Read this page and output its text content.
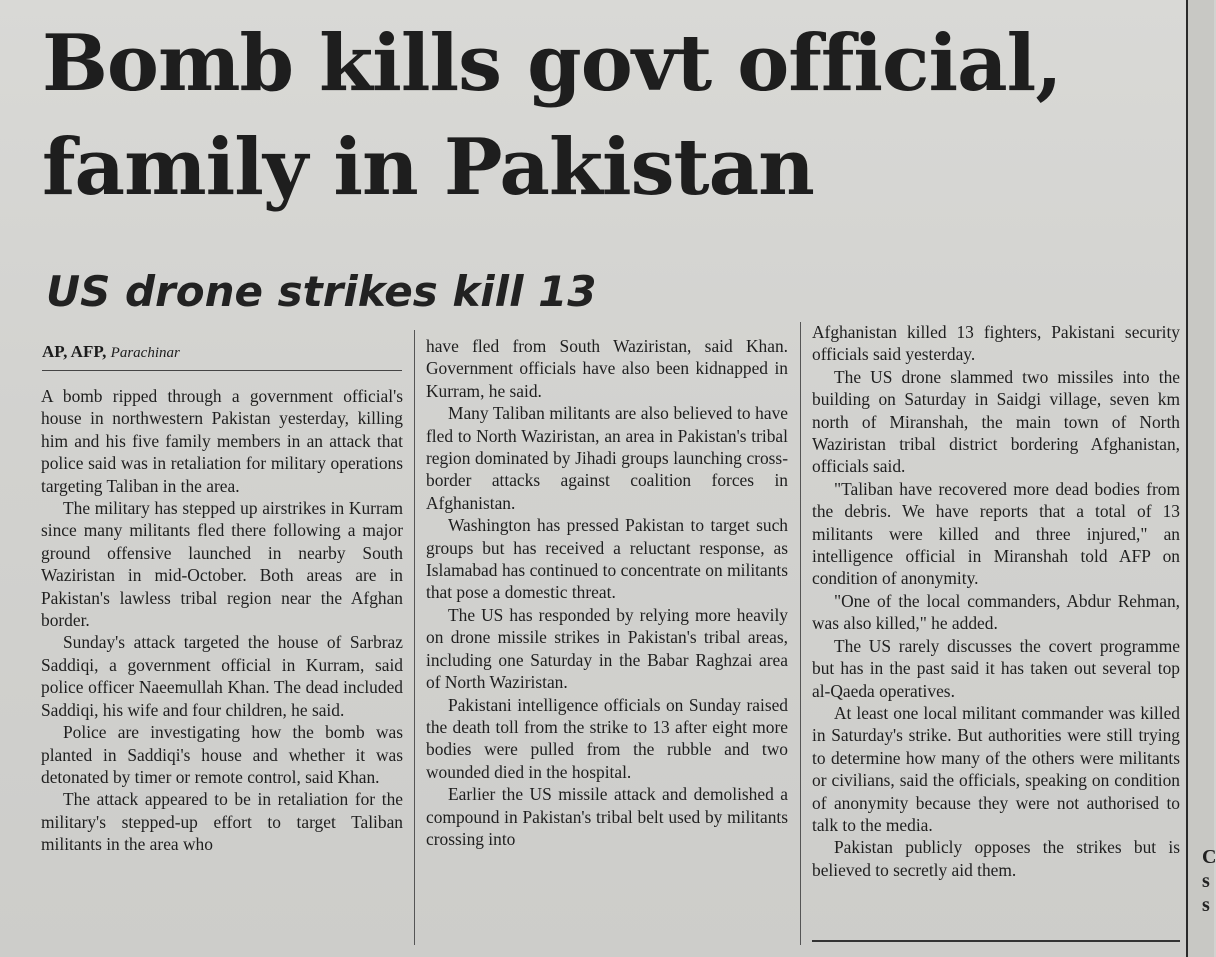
Bomb kills govt official,
family in Pakistan
US drone strikes kill 13
AP, AFP, Parachinar

A bomb ripped through a government official's house in northwestern Pakistan yesterday, killing him and his five family members in an attack that police said was in retaliation for military operations targeting Taliban in the area.

The military has stepped up airstrikes in Kurram since many militants fled there following a major ground offensive launched in nearby South Waziristan in mid-October. Both areas are in Pakistan's lawless tribal region near the Afghan border.

Sunday's attack targeted the house of Sarbraz Saddiqi, a government official in Kurram, said police officer Naeemullah Khan. The dead included Saddiqi, his wife and four children, he said.

Police are investigating how the bomb was planted in Saddiqi's house and whether it was detonated by timer or remote control, said Khan.

The attack appeared to be in retaliation for the military's stepped-up effort to target Taliban militants in the area who

have fled from South Waziristan, said Khan. Government officials have also been kidnapped in Kurram, he said.

Many Taliban militants are also believed to have fled to North Waziristan, an area in Pakistan's tribal region dominated by Jihadi groups launching cross-border attacks against coalition forces in Afghanistan.

Washington has pressed Pakistan to target such groups but has received a reluctant response, as Islamabad has continued to concentrate on militants that pose a domestic threat.

The US has responded by relying more heavily on drone missile strikes in Pakistan's tribal areas, including one Saturday in the Babar Raghzai area of North Waziristan.

Pakistani intelligence officials on Sunday raised the death toll from the strike to 13 after eight more bodies were pulled from the rubble and two wounded died in the hospital.

Earlier the US missile attack and demolished a compound in Pakistan's tribal belt used by militants crossing into

Afghanistan killed 13 fighters, Pakistani security officials said yesterday.

The US drone slammed two missiles into the building on Saturday in Saidgi village, seven km north of Miranshah, the main town of North Waziristan tribal district bordering Afghanistan, officials said.

"Taliban have recovered more dead bodies from the debris. We have reports that a total of 13 militants were killed and three injured," an intelligence official in Miranshah told AFP on condition of anonymity.

"One of the local commanders, Abdur Rehman, was also killed," he added.

The US rarely discusses the covert programme but has in the past said it has taken out several top al-Qaeda operatives.

At least one local militant commander was killed in Saturday's strike. But authorities were still trying to determine how many of the others were militants or civilians, said the officials, speaking on condition of anonymity because they were not authorised to talk to the media.

Pakistan publicly opposes the strikes but is believed to secretly aid them.

C
s
s
